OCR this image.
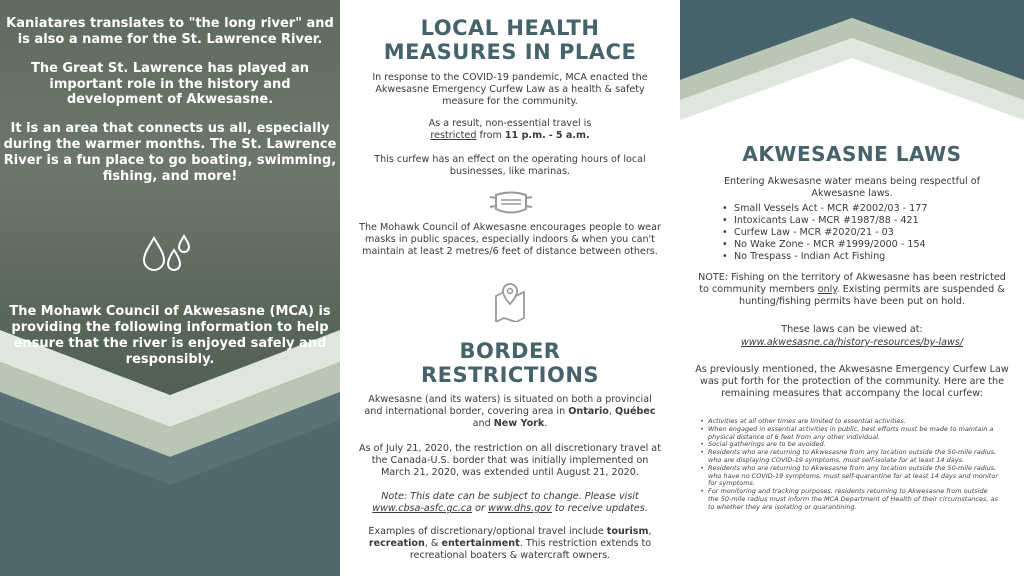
Kaniatares translates to "the long river" and is also a name for the St. Lawrence River.
The Great St. Lawrence has played an important role in the history and development of Akwesasne.
It is an area that connects us all, especially during the warmer months. The St. Lawrence River is a fun place to go boating, swimming, fishing, and more!
The Mohawk Council of Akwesasne (MCA) is providing the following information to help ensure that the river is enjoyed safely and responsibly.
LOCAL HEALTH
MEASURES IN PLACE
In response to the COVID-19 pandemic, MCA enacted the Akwesasne Emergency Curfew Law as a health & safety measure for the community.
As a result, non-essential travel is
restricted from 11 p.m. - 5 a.m.
This curfew has an effect on the operating hours of local businesses, like marinas.
The Mohawk Council of Akwesasne encourages people to wear masks in public spaces, especially indoors & when you can't maintain at least 2 metres/6 feet of distance between others.
BORDER
RESTRICTIONS
Akwesasne (and its waters) is situated on both a provincial and international border, covering area in Ontario, Québec and New York.
As of July 21, 2020, the restriction on all discretionary travel at the Canada-U.S. border that was initially implemented on March 21, 2020, was extended until August 21, 2020.
Note: This date can be subject to change. Please visit www.cbsa-asfc.gc.ca or www.dhs.gov to receive updates.
Examples of discretionary/optional travel include tourism, recreation, & entertainment. This restriction extends to recreational boaters & watercraft owners.
AKWESASNE LAWS
Entering Akwesasne water means being respectful of Akwesasne laws.
• Small Vessels Act - MCR #2002/03 - 177
• Intoxicants Law - MCR #1987/88 - 421
• Curfew Law - MCR #2020/21 - 03
• No Wake Zone - MCR #1999/2000 - 154
• No Trespass - Indian Act Fishing
NOTE: Fishing on the territory of Akwesasne has been restricted to community members only. Existing permits are suspended & hunting/fishing permits have been put on hold.
These laws can be viewed at:
www.akwesasne.ca/history-resources/by-laws/
As previously mentioned, the Akwesasne Emergency Curfew Law was put forth for the protection of the community. Here are the remaining measures that accompany the local curfew:
• Activities at all other times are limited to essential activities.
• When engaged in essential activities in public, best efforts must be made to maintain a physical distance of 6 feet from any other individual.
• Social gatherings are to be avoided.
• Residents who are returning to Akwesasne from any location outside the 50-mile radius, who are displaying COVID-19 symptoms, must self-isolate for at least 14 days.
• Residents who are returning to Akwesasne from any location outside the 50-mile radius, who have no COVID-19 symptoms, must self-quarantine for at least 14 days and monitor for symptoms.
• For monitoring and tracking purposes, residents returning to Akwesasne from outside the 50-mile radius must inform the MCA Department of Health of their circumstances, as to whether they are isolating or quarantining.
